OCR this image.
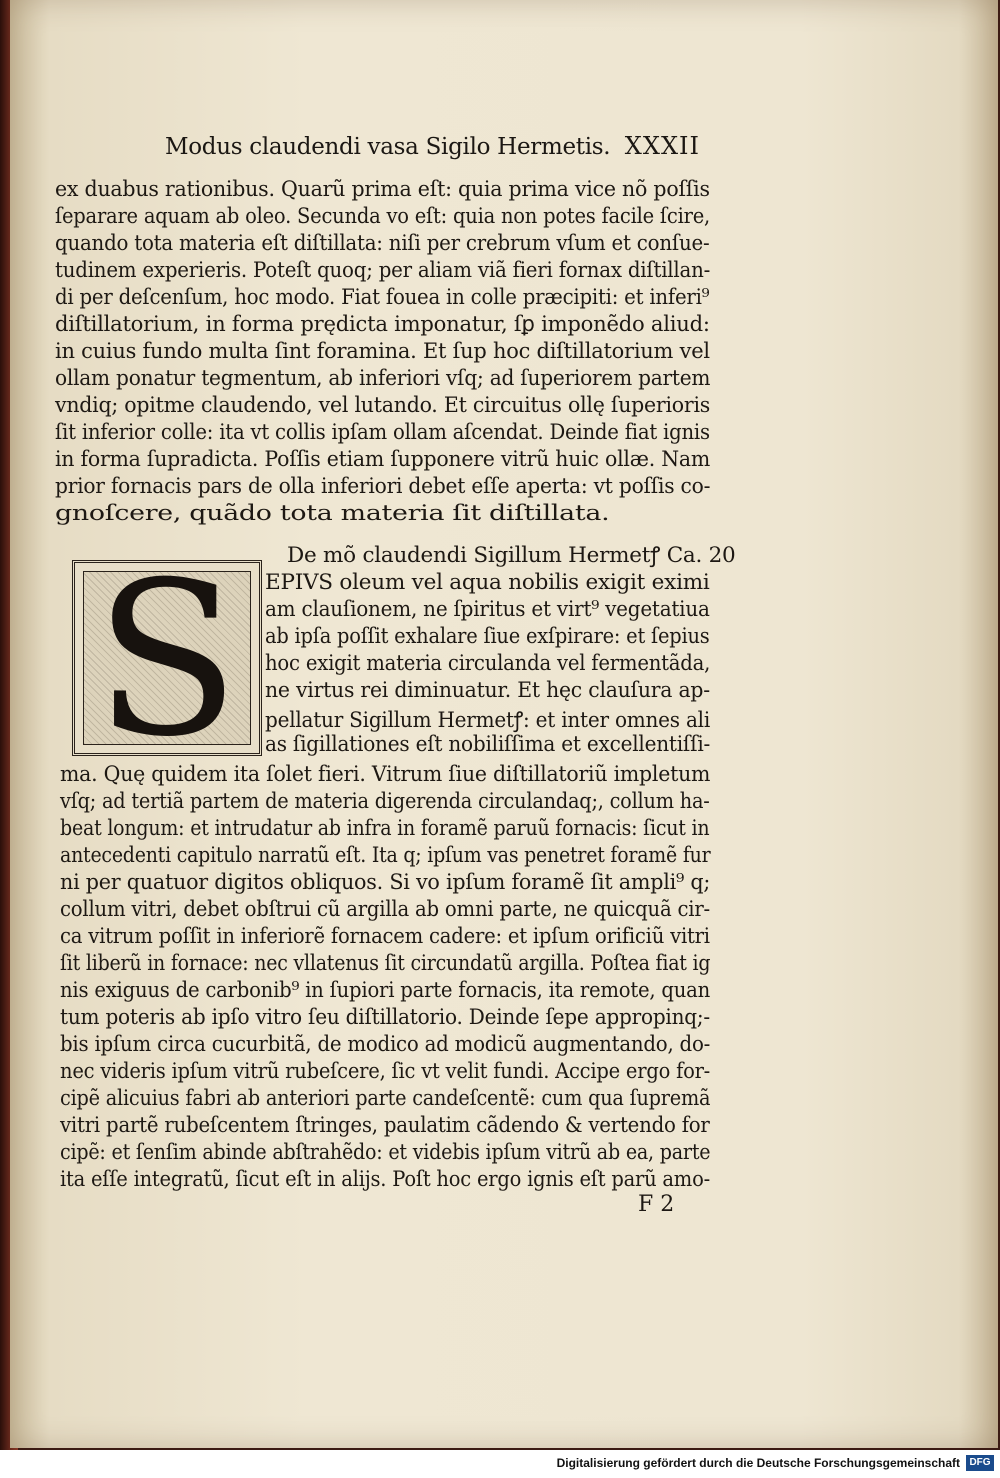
Modus claudendi vasa Sigilo Hermetis. XXXII
ex duabus rationibus. Quarũ prima eſt: quia prima vice nõ poſſis
ſeparare aquam ab oleo. Secunda vo eſt: quia non potes facile ſcire,
quando tota materia eſt diſtillata: niſi per crebrum vſum et conſue-
tudinem experieris. Poteſt quoq; per aliam viã fieri fornax diſtillan-
di per deſcenſum, hoc modo. Fiat fouea in colle præcipiti: et inferi⁹
diſtillatorium, in forma prędicta imponatur, ſꝑ imponẽdo aliud:
in cuius fundo multa ſint foramina. Et ſup hoc diſtillatorium vel
ollam ponatur tegmentum, ab inferiori vſq; ad ſuperiorem partem
vndiq; opitme claudendo, vel lutando. Et circuitus ollę ſuperioris
ſit inferior colle: ita vt collis ipſam ollam aſcendat. Deinde fiat ignis
in forma ſupradicta. Poſſis etiam ſupponere vitrũ huic ollæ. Nam
prior fornacis pars de olla inferiori debet eſſe aperta: vt poſſis co-
gnoſcere, quãdo tota materia ſit diſtillata.
De mõ claudendi Sigillum Hermetꝭ Ca. 20
S	EPIVS oleum vel aqua nobilis exigit eximi
am clauſionem, ne ſpiritus et virt⁹ vegetatiua
ab ipſa poſſit exhalare ſiue exſpirare: et ſepius
hoc exigit materia circulanda vel fermentãda,
ne virtus rei diminuatur. Et hęc clauſura ap-
pellatur Sigillum Hermetꝭ: et inter omnes ali
as ſigillationes eſt nobiliſſima et excellentiſſi-
ma. Quę quidem ita ſolet fieri. Vitrum ſiue diſtillatoriũ impletum
vſq; ad tertiã partem de materia digerenda circulandaq;, collum ha-
beat longum: et intrudatur ab infra in foramẽ paruũ fornacis: ſicut in
antecedenti capitulo narratũ eſt. Ita q; ipſum vas penetret foramẽ fur
ni per quatuor digitos obliquos. Si vo ipſum foramẽ ſit ampli⁹ q;
collum vitri, debet obſtrui cũ argilla ab omni parte, ne quicquã cir-
ca vitrum poſſit in inferiorẽ fornacem cadere: et ipſum orificiũ vitri
ſit liberũ in fornace: nec vllatenus ſit circundatũ argilla. Poſtea fiat ig
nis exiguus de carbonib⁹ in ſupiori parte fornacis, ita remote, quan
tum poteris ab ipſo vitro ſeu diſtillatorio. Deinde ſepe appropinq;-
bis ipſum circa cucurbitã, de modico ad modicũ augmentando, do-
nec videris ipſum vitrũ rubeſcere, ſic vt velit fundi. Accipe ergo for-
cipẽ alicuius fabri ab anteriori parte candeſcentẽ: cum qua ſupremã
vitri partẽ rubeſcentem ſtringes, paulatim cãdendo & vertendo for
cipẽ: et ſenſim abinde abſtrahẽdo: et videbis ipſum vitrũ ab ea, parte
ita eſſe integratũ, ſicut eſt in alijs. Poſt hoc ergo ignis eſt parũ amo-
F 2
Digitalisierung gefördert durch die Deutsche Forschungsgemeinschaft DFG
